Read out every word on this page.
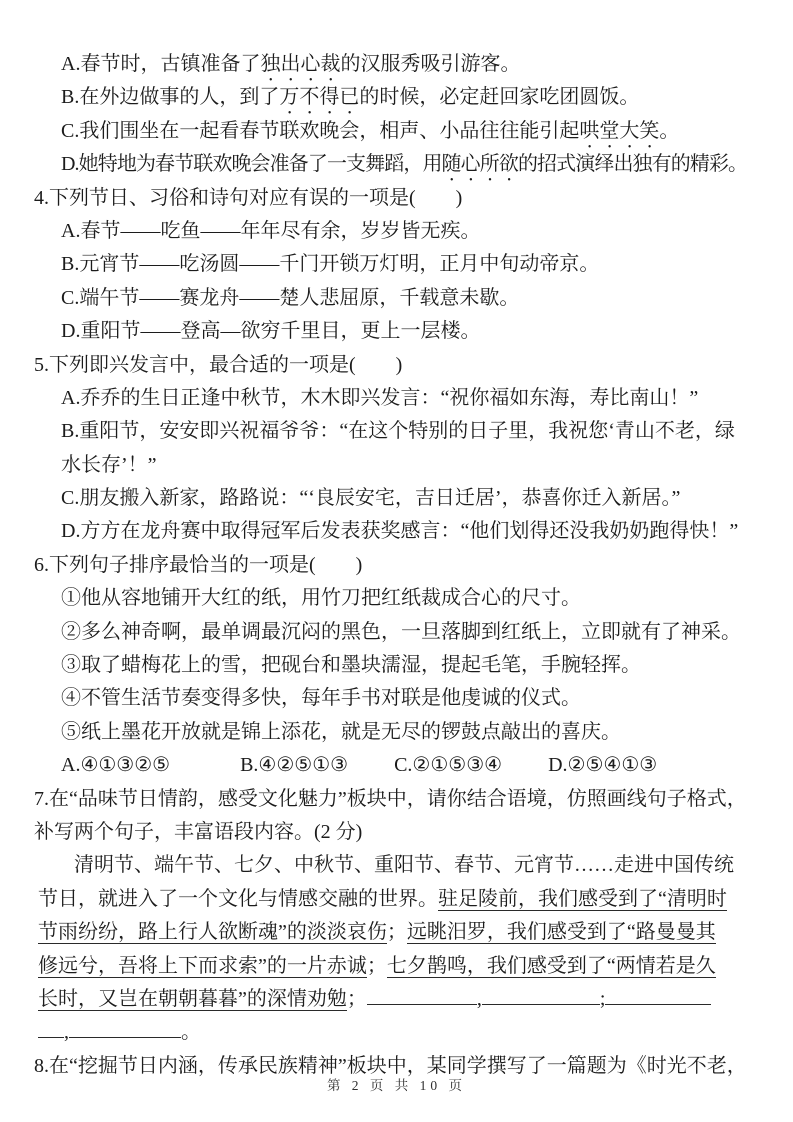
A.春节时，古镇准备了独出心裁的汉服秀吸引游客。
B.在外边做事的人，到了万不得已的时候，必定赶回家吃团圆饭。
C.我们围坐在一起看春节联欢晚会，相声、小品往往能引起哄堂大笑。
D.她特地为春节联欢晚会准备了一支舞蹈，用随心所欲的招式演绎出独有的精彩。
4.下列节日、习俗和诗句对应有误的一项是(　　)
A.春节——吃鱼——年年尽有余，岁岁皆无疾。
B.元宵节——吃汤圆——千门开锁万灯明，正月中旬动帝京。
C.端午节——赛龙舟——楚人悲屈原，千载意未歇。
D.重阳节——登高—欲穷千里目，更上一层楼。
5.下列即兴发言中，最合适的一项是(　　)
A.乔乔的生日正逢中秋节，木木即兴发言：“祝你福如东海，寿比南山！”
B.重阳节，安安即兴祝福爷爷：“在这个特别的日子里，我祝您‘青山不老，绿
水长存’！”
C.朋友搬入新家，路路说：“‘良辰安宅，吉日迁居’，恭喜你迁入新居。”
D.方方在龙舟赛中取得冠军后发表获奖感言：“他们划得还没我奶奶跑得快！”
6.下列句子排序最恰当的一项是(　　)
①他从容地铺开大红的纸，用竹刀把红纸裁成合心的尺寸。
②多么神奇啊，最单调最沉闷的黑色，一旦落脚到红纸上，立即就有了神采。
③取了蜡梅花上的雪，把砚台和墨块濡湿，提起毛笔，手腕轻挥。
④不管生活节奏变得多快，每年手书对联是他虔诚的仪式。
⑤纸上墨花开放就是锦上添花，就是无尽的锣鼓点敲出的喜庆。
A.④①③②⑤	B.④②⑤①③ C.②①⑤③④ D.②⑤④①③
7.在“品味节日情韵，感受文化魅力”板块中，请你结合语境，仿照画线句子格式，
补写两个句子，丰富语段内容。(2 分)
清明节、端午节、七夕、中秋节、重阳节、春节、元宵节……走进中国传统
节日，就进入了一个文化与情感交融的世界。驻足陵前，我们感受到了“清明时
节雨纷纷，路上行人欲断魂”的淡淡哀伤；远眺汨罗，我们感受到了“路曼曼其
修远兮，吾将上下而求索”的一片赤诚；七夕鹊鸣，我们感受到了“两情若是久
长时，又岂在朝朝暮暮”的深情劝勉；	,	;
,	。
8.在“挖掘节日内涵，传承民族精神”板块中，某同学撰写了一篇题为《时光不老，
第 2 页 共 10 页
